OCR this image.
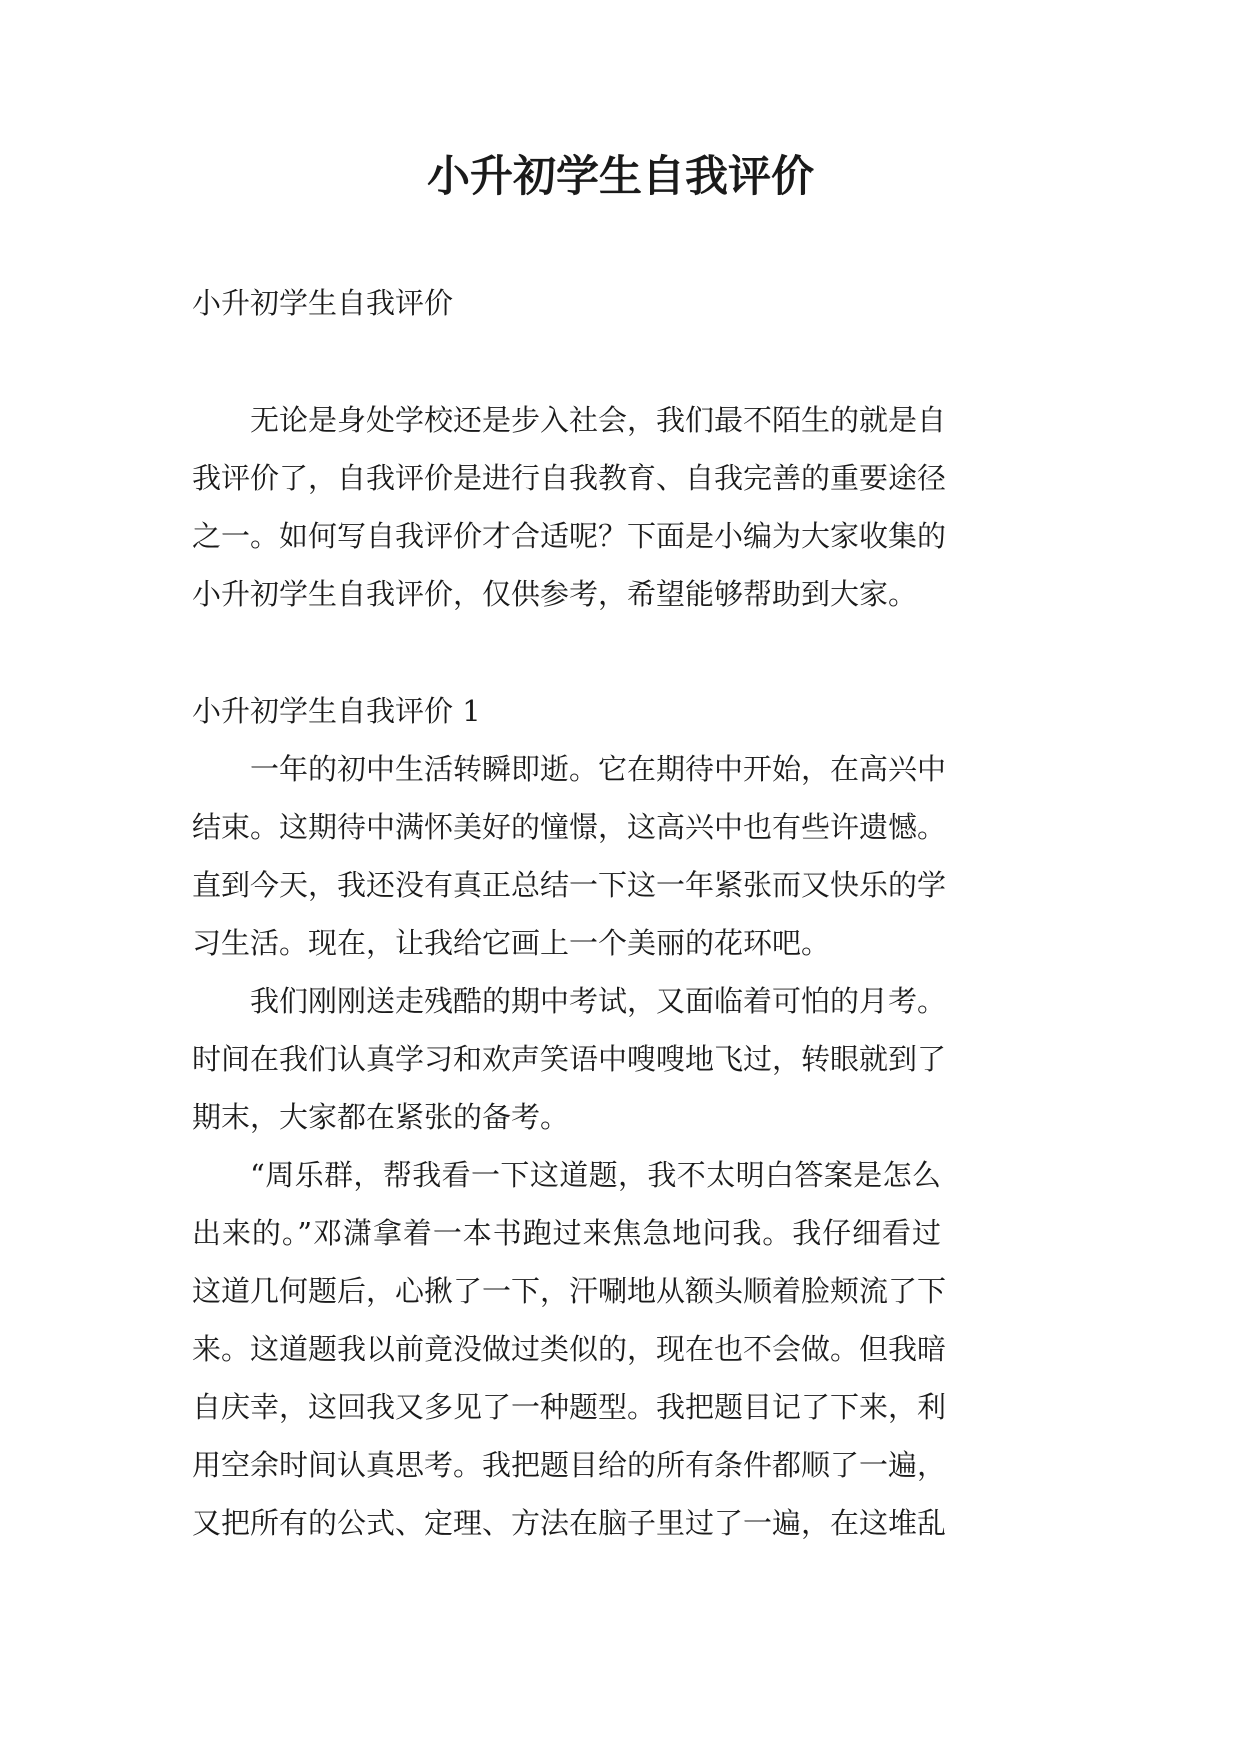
小升初学生自我评价
小升初学生自我评价
无论是身处学校还是步入社会，我们最不陌生的就是自
我评价了，自我评价是进行自我教育、自我完善的重要途径
之一。如何写自我评价才合适呢？下面是小编为大家收集的
小升初学生自我评价，仅供参考，希望能够帮助到大家。
小升初学生自我评价 1
一年的初中生活转瞬即逝。它在期待中开始，在高兴中
结束。这期待中满怀美好的憧憬，这高兴中也有些许遗憾。
直到今天，我还没有真正总结一下这一年紧张而又快乐的学
习生活。现在，让我给它画上一个美丽的花环吧。
我们刚刚送走残酷的期中考试，又面临着可怕的月考。
时间在我们认真学习和欢声笑语中嗖嗖地飞过，转眼就到了
期末，大家都在紧张的备考。
“周乐群，帮我看一下这道题，我不太明白答案是怎么
出来的。”邓潇拿着一本书跑过来焦急地问我。我仔细看过
这道几何题后，心揪了一下，汗唰地从额头顺着脸颊流了下
来。这道题我以前竟没做过类似的，现在也不会做。但我暗
自庆幸，这回我又多见了一种题型。我把题目记了下来，利
用空余时间认真思考。我把题目给的所有条件都顺了一遍，
又把所有的公式、定理、方法在脑子里过了一遍，在这堆乱
